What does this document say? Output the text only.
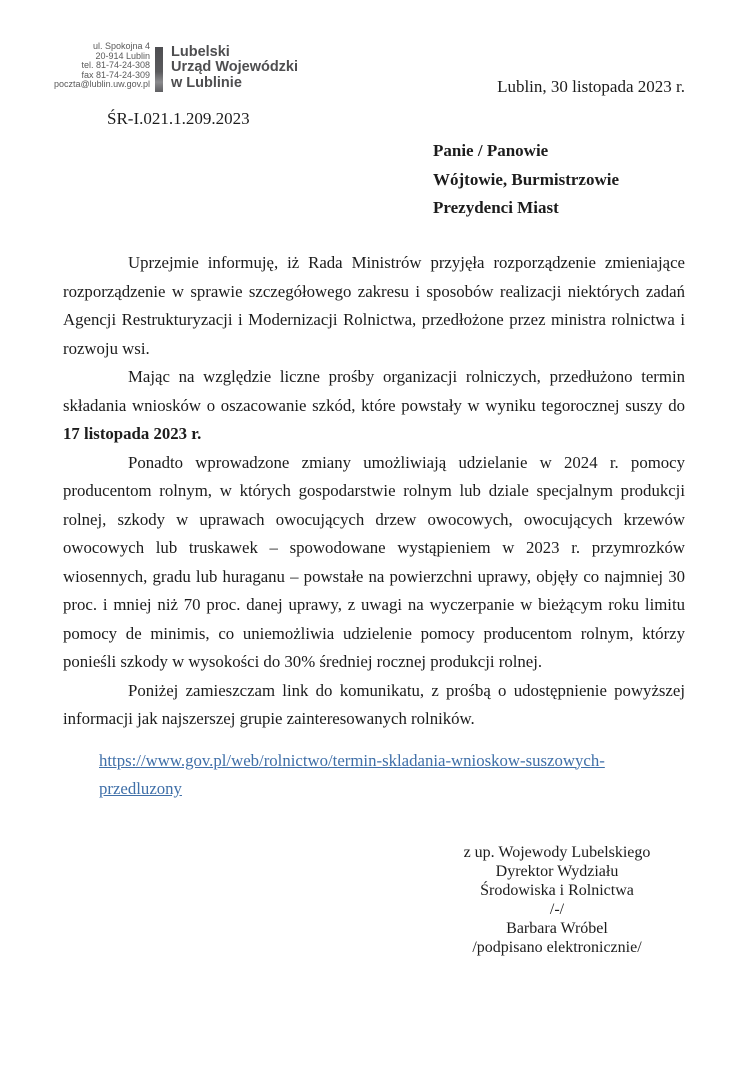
ul. Spokojna 4
20-914 Lublin
tel. 81-74-24-308
fax 81-74-24-309
poczta@lublin.uw.gov.pl
Lubelski
Urząd Wojewódzki
w Lublinie	Lublin, 30 listopada 2023 r.
ŚR-I.021.1.209.2023
Panie / Panowie
Wójtowie, Burmistrzowie
Prezydenci Miast

Uprzejmie informuję, iż Rada Ministrów przyjęła rozporządzenie zmieniające rozporządzenie w sprawie szczegółowego zakresu i sposobów realizacji niektórych zadań Agencji Restrukturyzacji i Modernizacji Rolnictwa, przedłożone przez ministra rolnictwa i rozwoju wsi.

Mając na względzie liczne prośby organizacji rolniczych, przedłużono termin składania wniosków o oszacowanie szkód, które powstały w wyniku tegorocznej suszy do 17 listopada 2023 r.

Ponadto wprowadzone zmiany umożliwiają udzielanie w 2024 r. pomocy producentom rolnym, w których gospodarstwie rolnym lub dziale specjalnym produkcji rolnej, szkody w uprawach owocujących drzew owocowych, owocujących krzewów owocowych lub truskawek – spowodowane wystąpieniem w 2023 r. przymrozków wiosennych, gradu lub huraganu – powstałe na powierzchni uprawy, objęły co najmniej 30 proc. i mniej niż 70 proc. danej uprawy, z uwagi na wyczerpanie w bieżącym roku limitu pomocy de minimis, co uniemożliwia udzielenie pomocy producentom rolnym, którzy ponieśli szkody w wysokości do 30% średniej rocznej produkcji rolnej.

Poniżej zamieszczam link do komunikatu, z prośbą o udostępnienie powyższej informacji jak najszerszej grupie zainteresowanych rolników.

https://www.gov.pl/web/rolnictwo/termin-skladania-wnioskow-suszowych-przedluzony
z up. Wojewody Lubelskiego
Dyrektor Wydziału
Środowiska i Rolnictwa
/-/
Barbara Wróbel
/podpisano elektronicznie/
